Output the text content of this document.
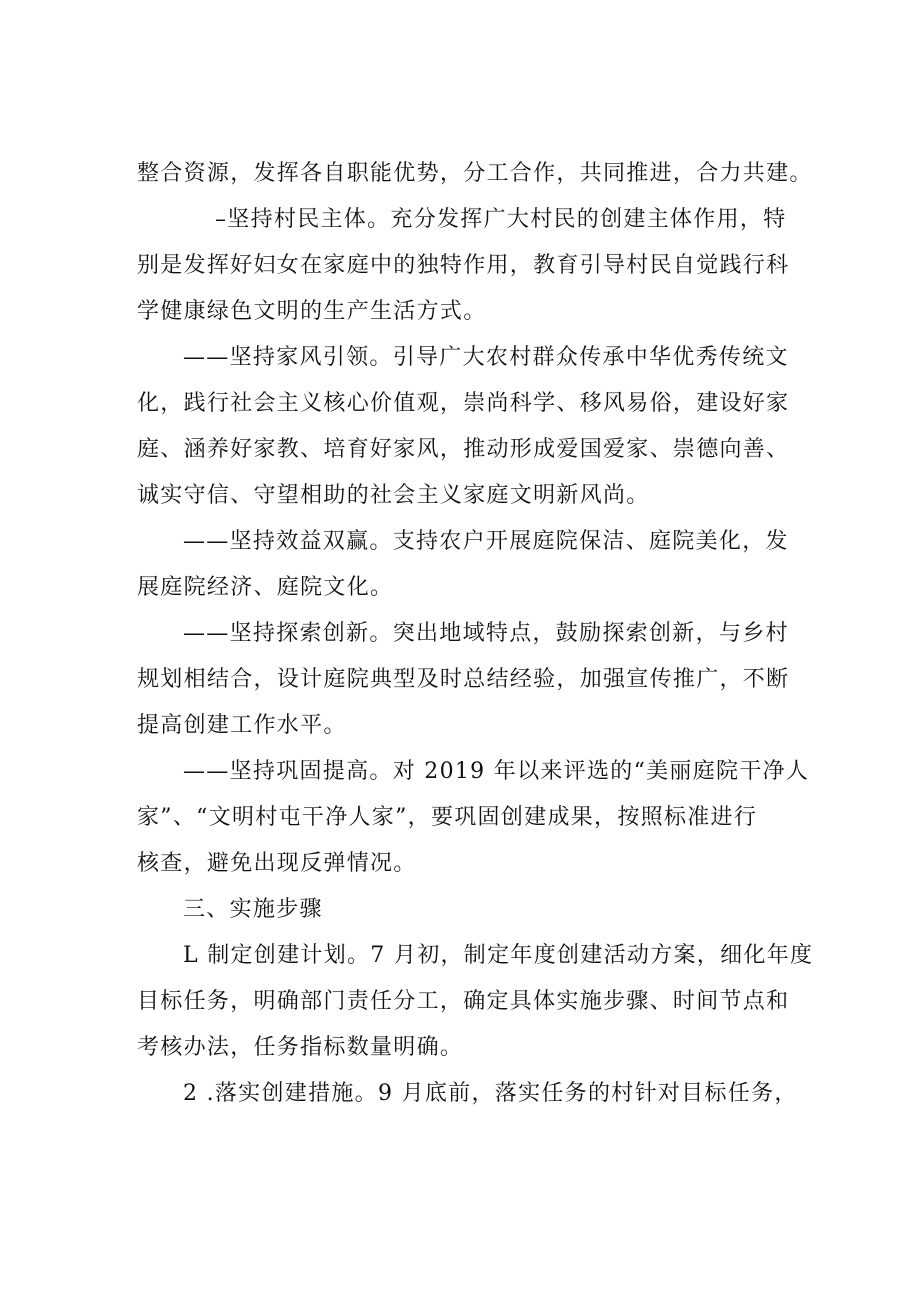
整合资源，发挥各自职能优势，分工合作，共同推进，合力共建。

–坚持村民主体。充分发挥广大村民的创建主体作用，特

别是发挥好妇女在家庭中的独特作用，教育引导村民自觉践行科

学健康绿色文明的生产生活方式。

——坚持家风引领。引导广大农村群众传承中华优秀传统文

化，践行社会主义核心价值观，崇尚科学、移风易俗，建设好家

庭、涵养好家教、培育好家风，推动形成爱国爱家、崇德向善、

诚实守信、守望相助的社会主义家庭文明新风尚。

——坚持效益双赢。支持农户开展庭院保洁、庭院美化，发

展庭院经济、庭院文化。

——坚持探索创新。突出地域特点，鼓励探索创新，与乡村

规划相结合，设计庭院典型及时总结经验，加强宣传推广，不断

提高创建工作水平。

——坚持巩固提高。对 2019 年以来评选的“美丽庭院干净人

家”、“文明村屯干净人家”，要巩固创建成果，按照标准进行

核查，避免出现反弹情况。

三、实施步骤

L 制定创建计划。7 月初，制定年度创建活动方案，细化年度

目标任务，明确部门责任分工，确定具体实施步骤、时间节点和

考核办法，任务指标数量明确。

2 .落实创建措施。9 月底前，落实任务的村针对目标任务，
